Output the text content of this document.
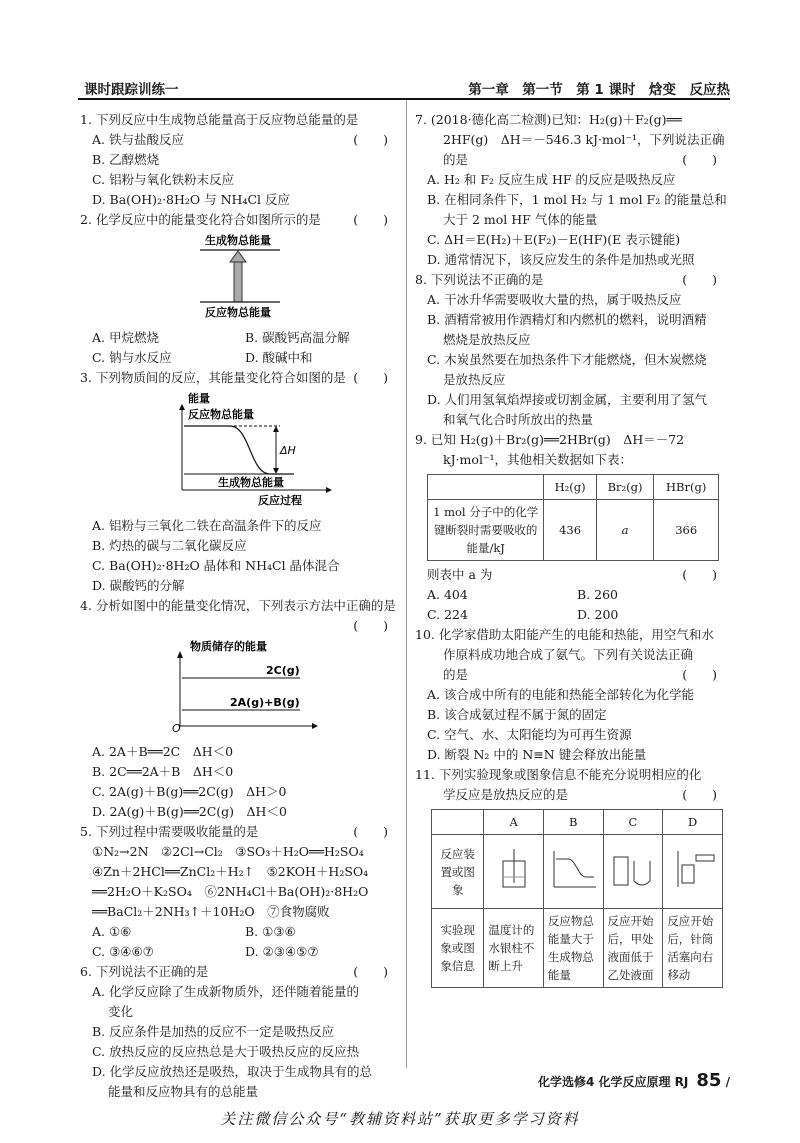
课时跟踪训练一	第一章　第一节　第 1 课时　焓变　反应热
1. 下列反应中生成物总能量高于反应物总能量的是
(　　)
A. 铁与盐酸反应
B. 乙醇燃烧
C. 铝粉与氧化铁粉末反应
D. Ba(OH)₂·8H₂O 与 NH₄Cl 反应
2. 化学反应中的能量变化符合如图所示的是	(　　)
生成物总能量
反应物总能量
A. 甲烷燃烧	B. 碳酸钙高温分解
C. 钠与水反应	D. 酸碱中和
3. 下列物质间的反应，其能量变化符合如图的是 (　　)
能量
反应物总能量
ΔH
生成物总能量
反应过程
A. 铝粉与三氧化二铁在高温条件下的反应
B. 灼热的碳与二氧化碳反应
C. Ba(OH)₂·8H₂O 晶体和 NH₄Cl 晶体混合
D. 碳酸钙的分解
4. 分析如图中的能量变化情况，下列表示方法中正确的是
(　　)
物质储存的能量
2C(g)
2A(g)+B(g)
O
A. 2A＋B══2C　ΔH＜0
B. 2C══2A＋B　ΔH＜0
C. 2A(g)＋B(g)══2C(g)　ΔH＞0
D. 2A(g)＋B(g)══2C(g)　ΔH＜0
5. 下列过程中需要吸收能量的是	(　　)
①N₂→2N　②2Cl→Cl₂　③SO₃＋H₂O══H₂SO₄
④Zn＋2HCl══ZnCl₂＋H₂↑　⑤2KOH＋H₂SO₄
══2H₂O＋K₂SO₄　⑥2NH₄Cl＋Ba(OH)₂·8H₂O
══BaCl₂＋2NH₃↑＋10H₂O　⑦食物腐败
A. ①⑥	B. ①③⑥
C. ③④⑥⑦	D. ②③④⑤⑦
6. 下列说法不正确的是	(　　)
A. 化学反应除了生成新物质外，还伴随着能量的
变化
B. 反应条件是加热的反应不一定是吸热反应
C. 放热反应的反应热总是大于吸热反应的反应热
D. 化学反应放热还是吸热，取决于生成物具有的总
能量和反应物具有的总能量
7. (2018·德化高二检测)已知：H₂(g)＋F₂(g)══
2HF(g)　ΔH＝－546.3 kJ·mol⁻¹，下列说法正确
的是	(　　)
A. H₂ 和 F₂ 反应生成 HF 的反应是吸热反应
B. 在相同条件下，1 mol H₂ 与 1 mol F₂ 的能量总和
大于 2 mol HF 气体的能量
C. ΔH＝E(H₂)＋E(F₂)－E(HF)(E 表示键能)
D. 通常情况下，该反应发生的条件是加热或光照
8. 下列说法不正确的是	(　　)
A. 干冰升华需要吸收大量的热，属于吸热反应
B. 酒精常被用作酒精灯和内燃机的燃料，说明酒精
燃烧是放热反应
C. 木炭虽然要在加热条件下才能燃烧，但木炭燃烧
是放热反应
D. 人们用氢氧焰焊接或切割金属，主要利用了氢气
和氧气化合时所放出的热量
9. 已知 H₂(g)＋Br₂(g)══2HBr(g)　ΔH＝－72
kJ·mol⁻¹，其他相关数据如下表：
	H₂(g)	Br₂(g)	HBr(g)
1 mol 分子中的化学键断裂时需要吸收的能量/kJ	436	a	366
则表中 a 为	(　　)
A. 404	B. 260
C. 224	D. 200
10. 化学家借助太阳能产生的电能和热能，用空气和水
作原料成功地合成了氨气。下列有关说法正确
的是	(　　)
A. 该合成中所有的电能和热能全部转化为化学能
B. 该合成氨过程不属于氮的固定
C. 空气、水、太阳能均为可再生资源
D. 断裂 N₂ 中的 N≡N 键会释放出能量
11. 下列实验现象或图象信息不能充分说明相应的化
学反应是放热反应的是	(　　)
	A	B	C	D
反应装置或图象				
实验现象或图象信息	温度计的水银柱不断上升	反应物总能量大于生成物总能量	反应开始后，甲处液面低于乙处液面	反应开始后，针筒活塞向右移动
化学选修4 化学反应原理 RJ 85 /
关注微信公众号“教辅资料站”获取更多学习资料
